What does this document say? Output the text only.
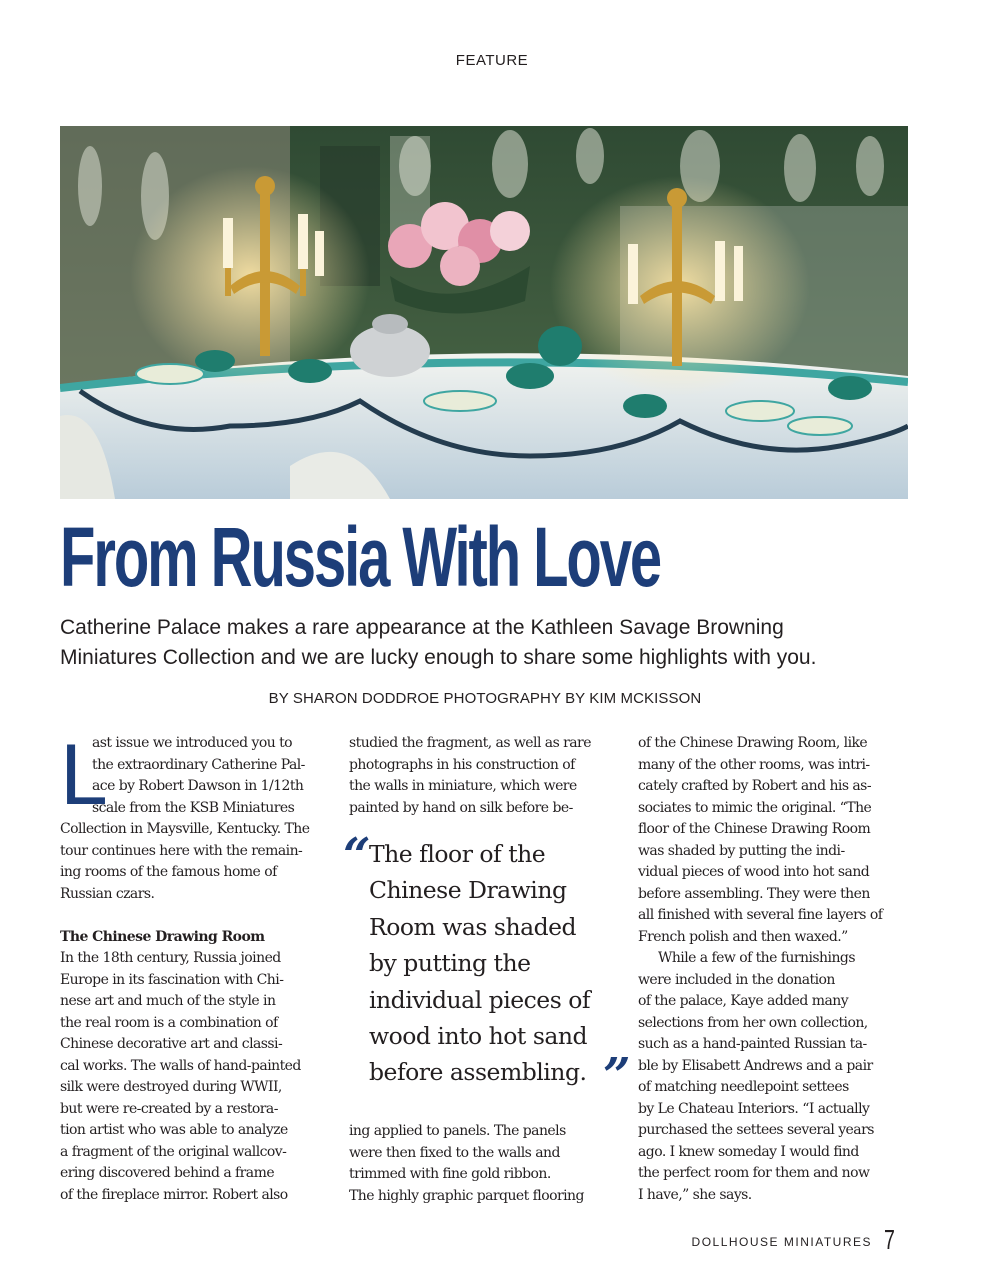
FEATURE
From Russia With Love
Catherine Palace makes a rare appearance at the Kathleen Savage Browning
Miniatures Collection and we are lucky enough to share some highlights with you.
BY SHARON DODDROE PHOTOGRAPHY BY KIM MCKISSON
L

ast issue we introduced you to
the extraordinary Catherine Pal-
ace by Robert Dawson in 1/12th
scale from the KSB Miniatures
Collection in Maysville, Kentucky. The
tour continues here with the remain-
ing rooms of the famous home of
Russian czars.

The Chinese Drawing Room

In the 18th century, Russia joined
Europe in its fascination with Chi-
nese art and much of the style in
the real room is a combination of
Chinese decorative art and classi-
cal works. The walls of hand-painted
silk were destroyed during WWII,
but were re-created by a restora-
tion artist who was able to analyze
a fragment of the original wallcov-
ering discovered behind a frame
of the fireplace mirror. Robert also

studied the fragment, as well as rare
photographs in his construction of
the walls in miniature, which were
painted by hand on silk before be-
“
The floor of the
Chinese Drawing
Room was shaded
by putting the
individual pieces of
wood into hot sand
before assembling. ”
ing applied to panels. The panels
were then fixed to the walls and
trimmed with fine gold ribbon.
The highly graphic parquet flooring

of the Chinese Drawing Room, like
many of the other rooms, was intri-
cately crafted by Robert and his as-
sociates to mimic the original. “The
floor of the Chinese Drawing Room
was shaded by putting the indi-
vidual pieces of wood into hot sand
before assembling. They were then
all finished with several fine layers of
French polish and then waxed.”

While a few of the furnishings
were included in the donation
of the palace, Kaye added many
selections from her own collection,
such as a hand-painted Russian ta-
ble by Elisabett Andrews and a pair
of matching needlepoint settees
by Le Chateau Interiors. “I actually
purchased the settees several years
ago. I knew someday I would find
the perfect room for them and now
I have,” she says.

DOLLHOUSE MINIATURES 7
